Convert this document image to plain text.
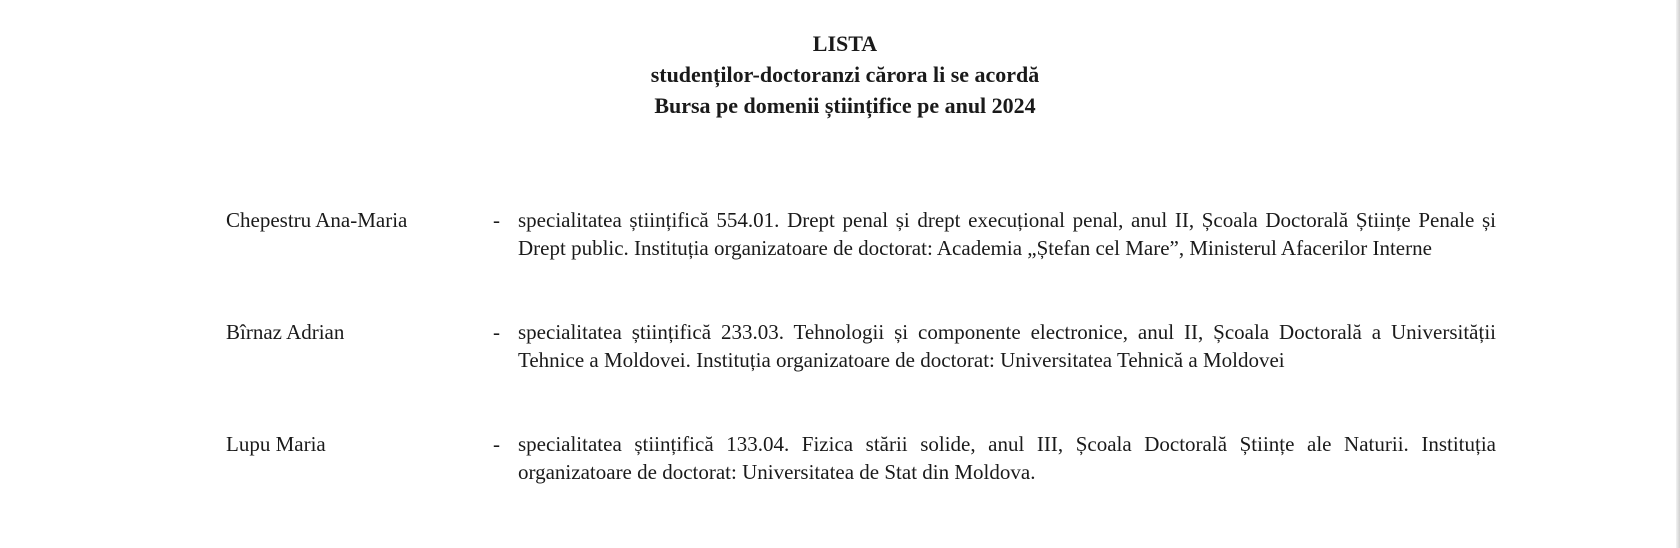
LISTA
studenților-doctoranzi cărora li se acordă
Bursa pe domenii științifice pe anul 2024
Chepestru Ana-Maria	- specialitatea științifică 554.01. Drept penal și drept execuțional penal, anul II, Școala Doctorală Științe Penale și Drept public. Instituția organizatoare de doctorat: Academia „Ștefan cel Mare”, Ministerul Afacerilor Interne
Bîrnaz Adrian	- specialitatea științifică 233.03. Tehnologii și componente electronice, anul II, Școala Doctorală a Universității Tehnice a Moldovei. Instituția organizatoare de doctorat: Universitatea Tehnică a Moldovei
Lupu Maria	- specialitatea științifică 133.04. Fizica stării solide, anul III, Școala Doctorală Științe ale Naturii. Instituția organizatoare de doctorat: Universitatea de Stat din Moldova.
